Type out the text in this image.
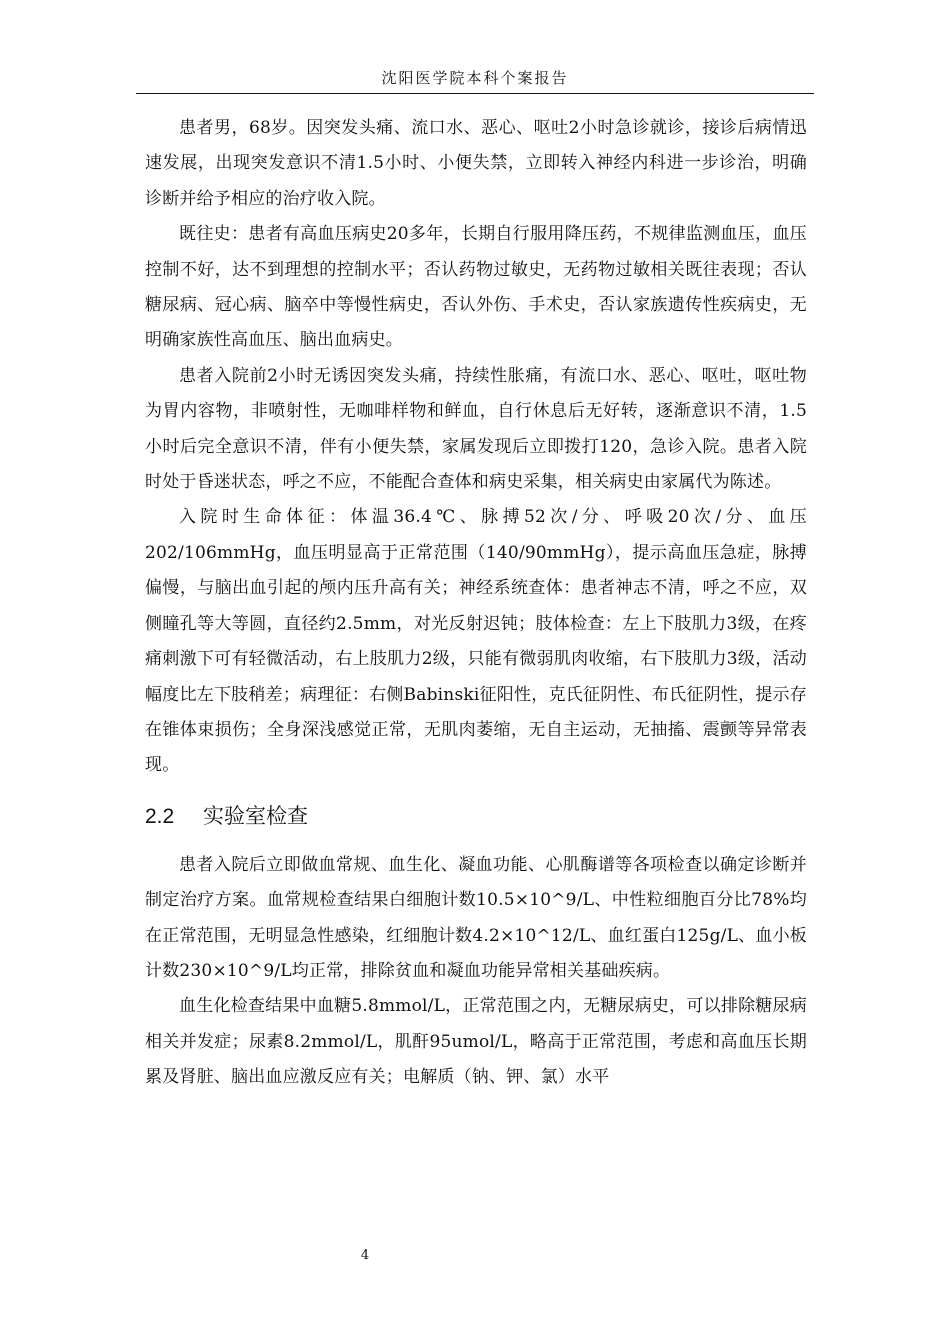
沈阳医学院本科个案报告

患者男，68岁。因突发头痛、流口水、恶心、呕吐2小时急诊就诊，接诊后病情迅速发展，出现突发意识不清1.5小时、小便失禁，立即转入神经内科进一步诊治，明确诊断并给予相应的治疗收入院。

既往史：患者有高血压病史20多年，长期自行服用降压药，不规律监测血压，血压控制不好，达不到理想的控制水平；否认药物过敏史，无药物过敏相关既往表现；否认糖尿病、冠心病、脑卒中等慢性病史，否认外伤、手术史，否认家族遗传性疾病史，无明确家族性高血压、脑出血病史。

患者入院前2小时无诱因突发头痛，持续性胀痛，有流口水、恶心、呕吐，呕吐物为胃内容物，非喷射性，无咖啡样物和鲜血，自行休息后无好转，逐渐意识不清，1.5小时后完全意识不清，伴有小便失禁，家属发现后立即拨打120，急诊入院。患者入院时处于昏迷状态，呼之不应，不能配合查体和病史采集，相关病史由家属代为陈述。

入院时生命体征：体温36.4℃、脉搏52次/分、呼吸20次/分、血压202/106mmHg，血压明显高于正常范围（140/90mmHg），提示高血压急症，脉搏偏慢，与脑出血引起的颅内压升高有关；神经系统查体：患者神志不清，呼之不应，双侧瞳孔等大等圆，直径约2.5mm，对光反射迟钝；肢体检查：左上下肢肌力3级，在疼痛刺激下可有轻微活动，右上肢肌力2级，只能有微弱肌肉收缩，右下肢肌力3级，活动幅度比左下肢稍差；病理征：右侧Babinski征阳性，克氏征阴性、布氏征阴性，提示存在锥体束损伤；全身深浅感觉正常，无肌肉萎缩，无自主运动，无抽搐、震颤等异常表现。

2.2 实验室检查

患者入院后立即做血常规、血生化、凝血功能、心肌酶谱等各项检查以确定诊断并制定治疗方案。血常规检查结果白细胞计数10.5×10^9/L、中性粒细胞百分比78%均在正常范围，无明显急性感染，红细胞计数4.2×10^12/L、血红蛋白125g/L、血小板计数230×10^9/L均正常，排除贫血和凝血功能异常相关基础疾病。

血生化检查结果中血糖5.8mmol/L，正常范围之内，无糖尿病史，可以排除糖尿病相关并发症；尿素8.2mmol/L，肌酐95umol/L，略高于正常范围，考虑和高血压长期累及肾脏、脑出血应激反应有关；电解质（钠、钾、氯）水平

4
